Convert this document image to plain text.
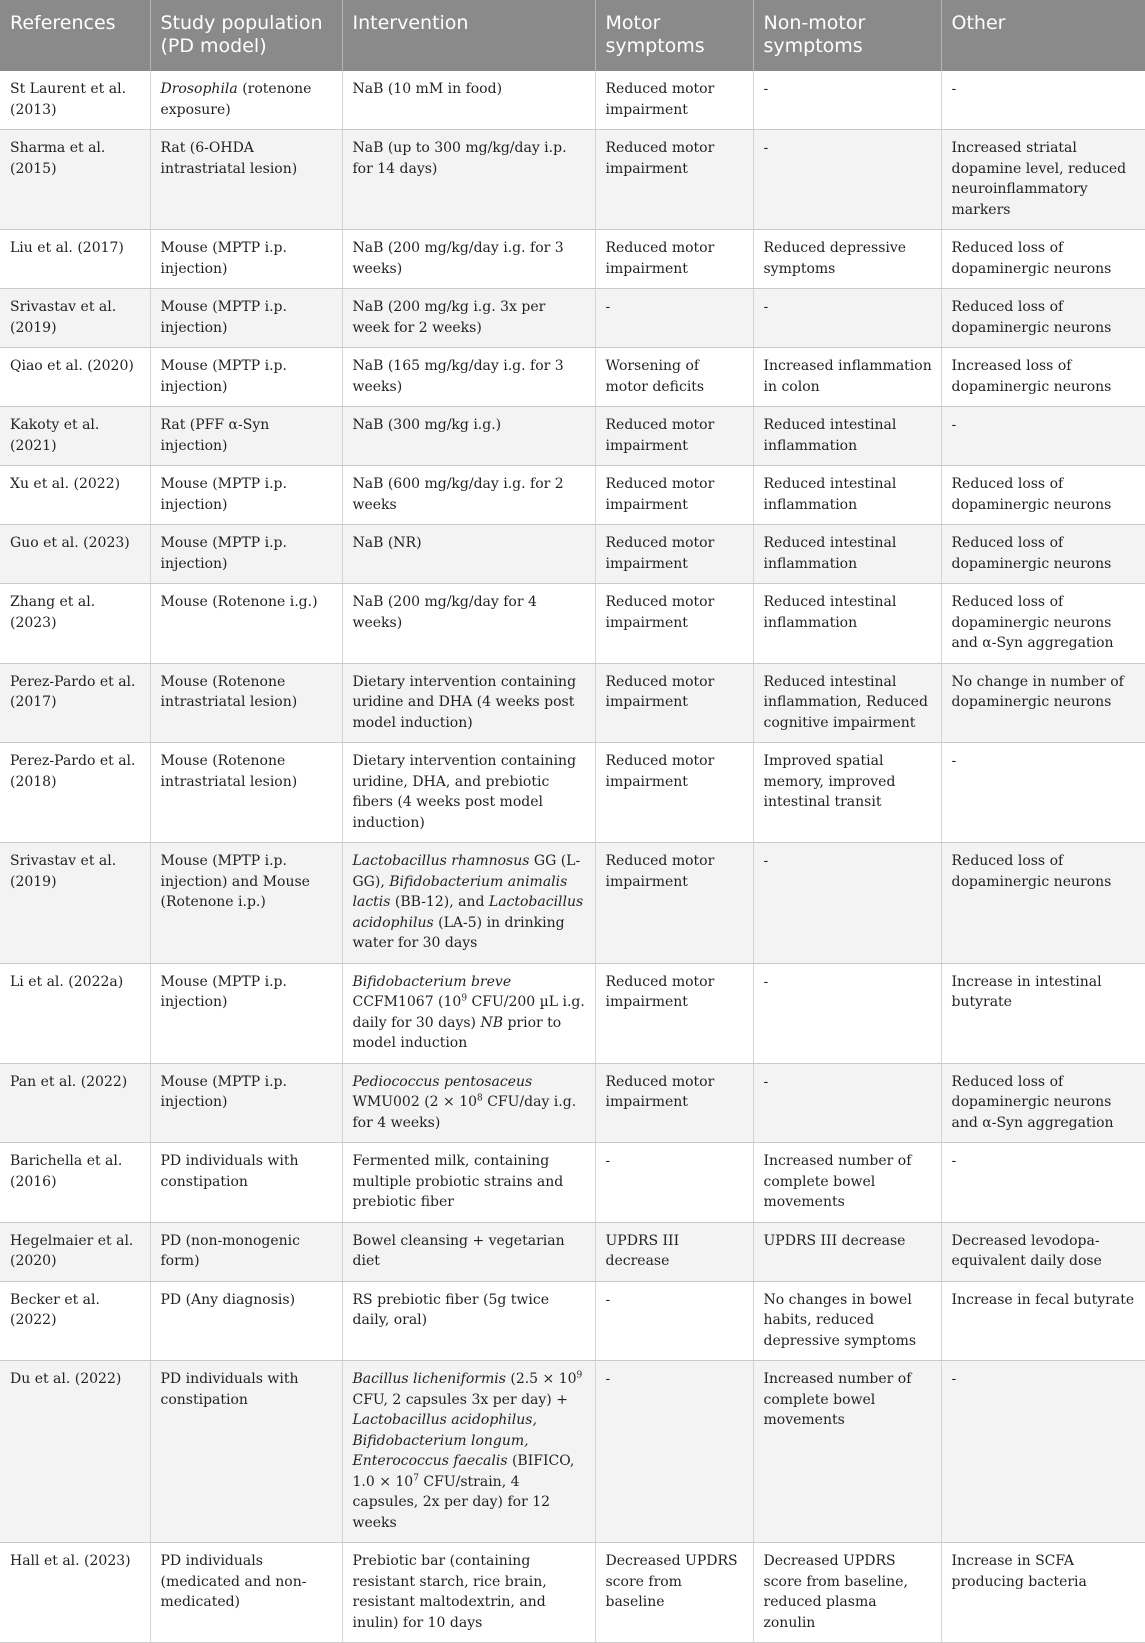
References	Study population (PD model)	Intervention	Motor symptoms	Non-motor symptoms	Other
St Laurent et al. (2013)	Drosophila (rotenone exposure)	NaB (10 mM in food)	Reduced motor impairment	-	-
Sharma et al. (2015)	Rat (6-OHDA intrastriatal lesion)	NaB (up to 300 mg/kg/day i.p. for 14 days)	Reduced motor impairment	-	Increased striatal dopamine level, reduced neuroinflammatory markers
Liu et al. (2017)	Mouse (MPTP i.p. injection)	NaB (200 mg/kg/day i.g. for 3 weeks)	Reduced motor impairment	Reduced depressive symptoms	Reduced loss of dopaminergic neurons
Srivastav et al. (2019)	Mouse (MPTP i.p. injection)	NaB (200 mg/kg i.g. 3x per week for 2 weeks)	-	-	Reduced loss of dopaminergic neurons
Qiao et al. (2020)	Mouse (MPTP i.p. injection)	NaB (165 mg/kg/day i.g. for 3 weeks)	Worsening of motor deficits	Increased inflammation in colon	Increased loss of dopaminergic neurons
Kakoty et al. (2021)	Rat (PFF α-Syn injection)	NaB (300 mg/kg i.g.)	Reduced motor impairment	Reduced intestinal inflammation	-
Xu et al. (2022)	Mouse (MPTP i.p. injection)	NaB (600 mg/kg/day i.g. for 2 weeks	Reduced motor impairment	Reduced intestinal inflammation	Reduced loss of dopaminergic neurons
Guo et al. (2023)	Mouse (MPTP i.p. injection)	NaB (NR)	Reduced motor impairment	Reduced intestinal inflammation	Reduced loss of dopaminergic neurons
Zhang et al. (2023)	Mouse (Rotenone i.g.)	NaB (200 mg/kg/day for 4 weeks)	Reduced motor impairment	Reduced intestinal inflammation	Reduced loss of dopaminergic neurons and α-Syn aggregation
Perez-Pardo et al. (2017)	Mouse (Rotenone intrastriatal lesion)	Dietary intervention containing uridine and DHA (4 weeks post model induction)	Reduced motor impairment	Reduced intestinal inflammation, Reduced cognitive impairment	No change in number of dopaminergic neurons
Perez-Pardo et al. (2018)	Mouse (Rotenone intrastriatal lesion)	Dietary intervention containing uridine, DHA, and prebiotic fibers (4 weeks post model induction)	Reduced motor impairment	Improved spatial memory, improved intestinal transit	-
Srivastav et al. (2019)	Mouse (MPTP i.p. injection) and Mouse (Rotenone i.p.)	Lactobacillus rhamnosus GG (L-GG), Bifidobacterium animalis lactis (BB-12), and Lactobacillus acidophilus (LA-5) in drinking water for 30 days	Reduced motor impairment	-	Reduced loss of dopaminergic neurons
Li et al. (2022a)	Mouse (MPTP i.p. injection)	Bifidobacterium breve CCFM1067 ($10^9$ CFU/200 µL i.g. daily for 30 days) NB prior to model induction	Reduced motor impairment	-	Increase in intestinal butyrate
Pan et al. (2022)	Mouse (MPTP i.p. injection)	Pediococcus pentosaceus WMU002 ($2 \times 10^8$ CFU/day i.g. for 4 weeks)	Reduced motor impairment	-	Reduced loss of dopaminergic neurons and α-Syn aggregation
Barichella et al. (2016)	PD individuals with constipation	Fermented milk, containing multiple probiotic strains and prebiotic fiber	-	Increased number of complete bowel movements	-
Hegelmaier et al. (2020)	PD (non-monogenic form)	Bowel cleansing + vegetarian diet	UPDRS III decrease	UPDRS III decrease	Decreased levodopa-equivalent daily dose
Becker et al. (2022)	PD (Any diagnosis)	RS prebiotic fiber (5g twice daily, oral)	-	No changes in bowel habits, reduced depressive symptoms	Increase in fecal butyrate
Du et al. (2022)	PD individuals with constipation	Bacillus licheniformis ($2.5 \times 10^9$ CFU, 2 capsules 3x per day) + Lactobacillus acidophilus, Bifidobacterium longum, Enterococcus faecalis (BIFICO, $1.0 \times 10^7$ CFU/strain, 4 capsules, 2x per day) for 12 weeks	-	Increased number of complete bowel movements	-
Hall et al. (2023)	PD individuals (medicated and non-medicated)	Prebiotic bar (containing resistant starch, rice brain, resistant maltodextrin, and inulin) for 10 days	Decreased UPDRS score from baseline	Decreased UPDRS score from baseline, reduced plasma zonulin	Increase in SCFA producing bacteria
